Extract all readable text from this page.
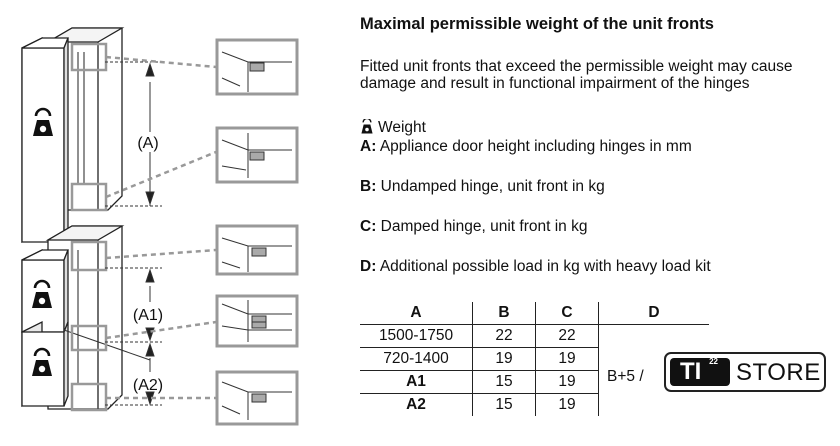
(A)
(A1)
(A2)
Maximal permissible weight of the unit fronts
Fitted unit fronts that exceed the permissible weight may cause damage and result in functional impairment of the hinges
Weight
A: Appliance door height including hinges in mm
B: Undamped hinge, unit front in kg
C: Damped hinge, unit front in kg
D: Additional possible load in kg with heavy load kit
A	B	C	D
1500-1750	22	22	
720-1400	19	19	
A1	15	19	
A2	15	19	
B+5 /	TI 22 STORE
